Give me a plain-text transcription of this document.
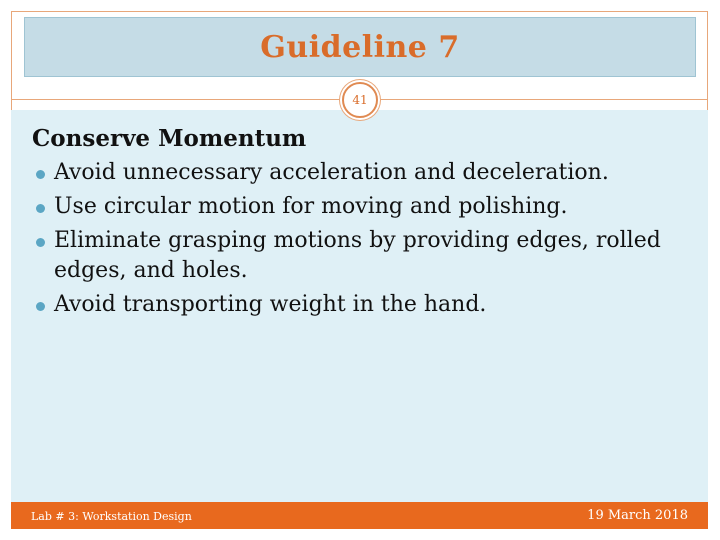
Guideline 7
41
Conserve Momentum
Avoid unnecessary acceleration and deceleration.
Use circular motion for moving and polishing.
Eliminate grasping motions by providing edges, rolled edges, and holes.
Avoid transporting weight in the hand.
Lab # 3: Workstation Design	19 March 2018
